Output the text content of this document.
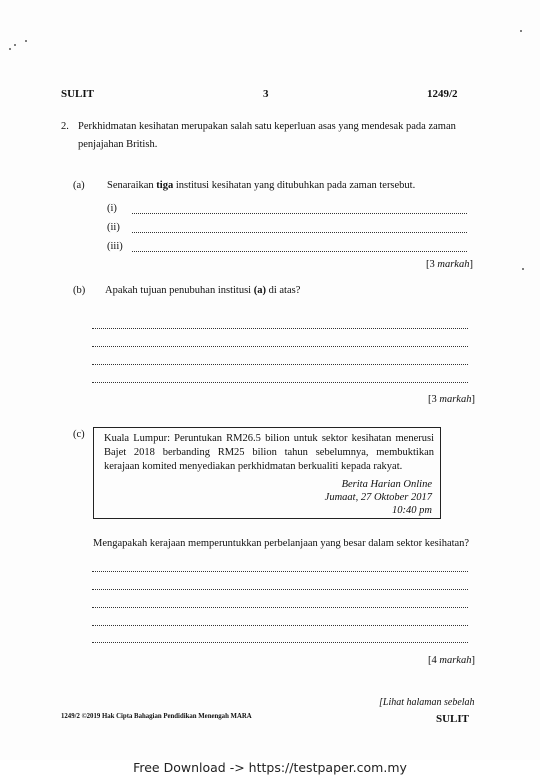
SULIT	3	1249/2
2. Perkhidmatan kesihatan merupakan salah satu keperluan asas yang mendesak pada zaman
penjajahan British.
(a) Senaraikan tiga institusi kesihatan yang ditubuhkan pada zaman tersebut.
(i)
(ii)
(iii)
[3 markah]
(b) Apakah tujuan penubuhan institusi (a) di atas?
[3 markah]
(c) Kuala Lumpur: Peruntukan RM26.5 bilion untuk sektor kesihatan menerusi Bajet 2018 berbanding RM25 bilion tahun sebelumnya, membuktikan kerajaan komited menyediakan perkhidmatan berkualiti kepada rakyat.
Berita Harian Online
Jumaat, 27 Oktober 2017
10:40 pm
Mengapakah kerajaan memperuntukkan perbelanjaan yang besar dalam sektor kesihatan?
[4 markah]
[Lihat halaman sebelah
1249/2 ©2019 Hak Cipta Bahagian Pendidikan Menengah MARA	SULIT
Free Download -> https://testpaper.com.my
